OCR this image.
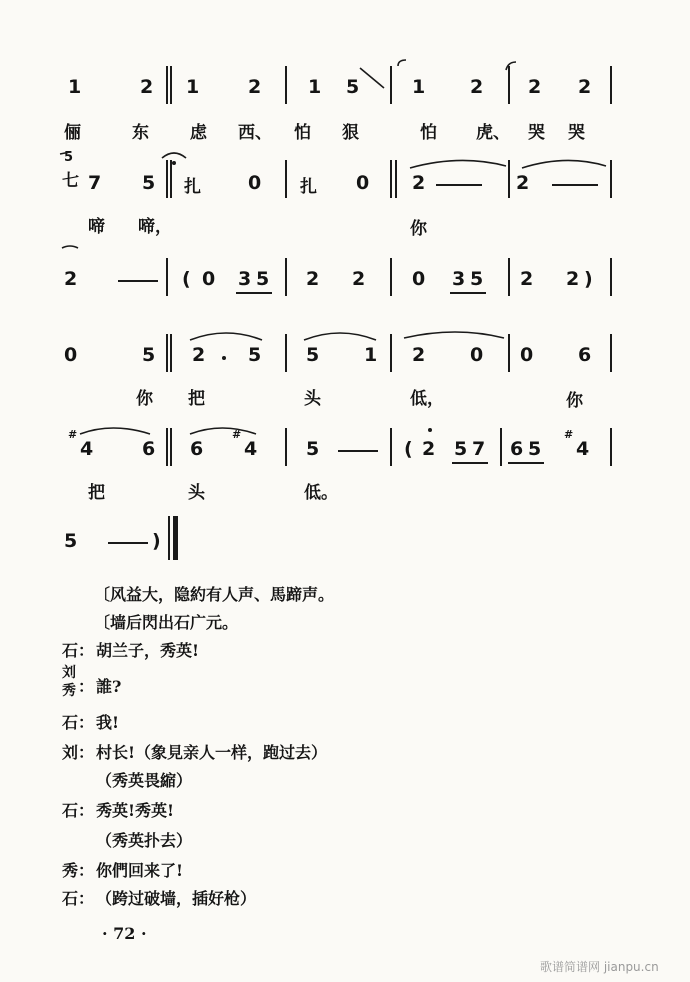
1	2 1	2 1 5	1 2 2 2
俪	东 虑 西、 怕 狠	怕 虎、 哭 哭
5
七 7 5 扎 0 扎 0 2	2
啼 啼，	你
2	( 0 3 5 2 2 0 3 5 2 2 )
0	5 2 5 5 1 2 0 0 6
你 把	头	低，	你
#
4	6 6
#
4	5	( 2 5 7 6 5
#
4
把	头	低。
5	)
〔风益大，隐約有人声、馬蹄声。
〔墙后閃出石广元。
石： 胡兰子，秀英!
刘
秀 ： 誰?
石： 我!
刘： 村长!（象見亲人一样，跑过去）
（秀英畏縮）
石： 秀英!秀英!
（秀英扑去）
秀： 你們回来了!
石： （跨过破墙，插好枪）
· 72 ·
歌谱简谱网 jianpu.cn
